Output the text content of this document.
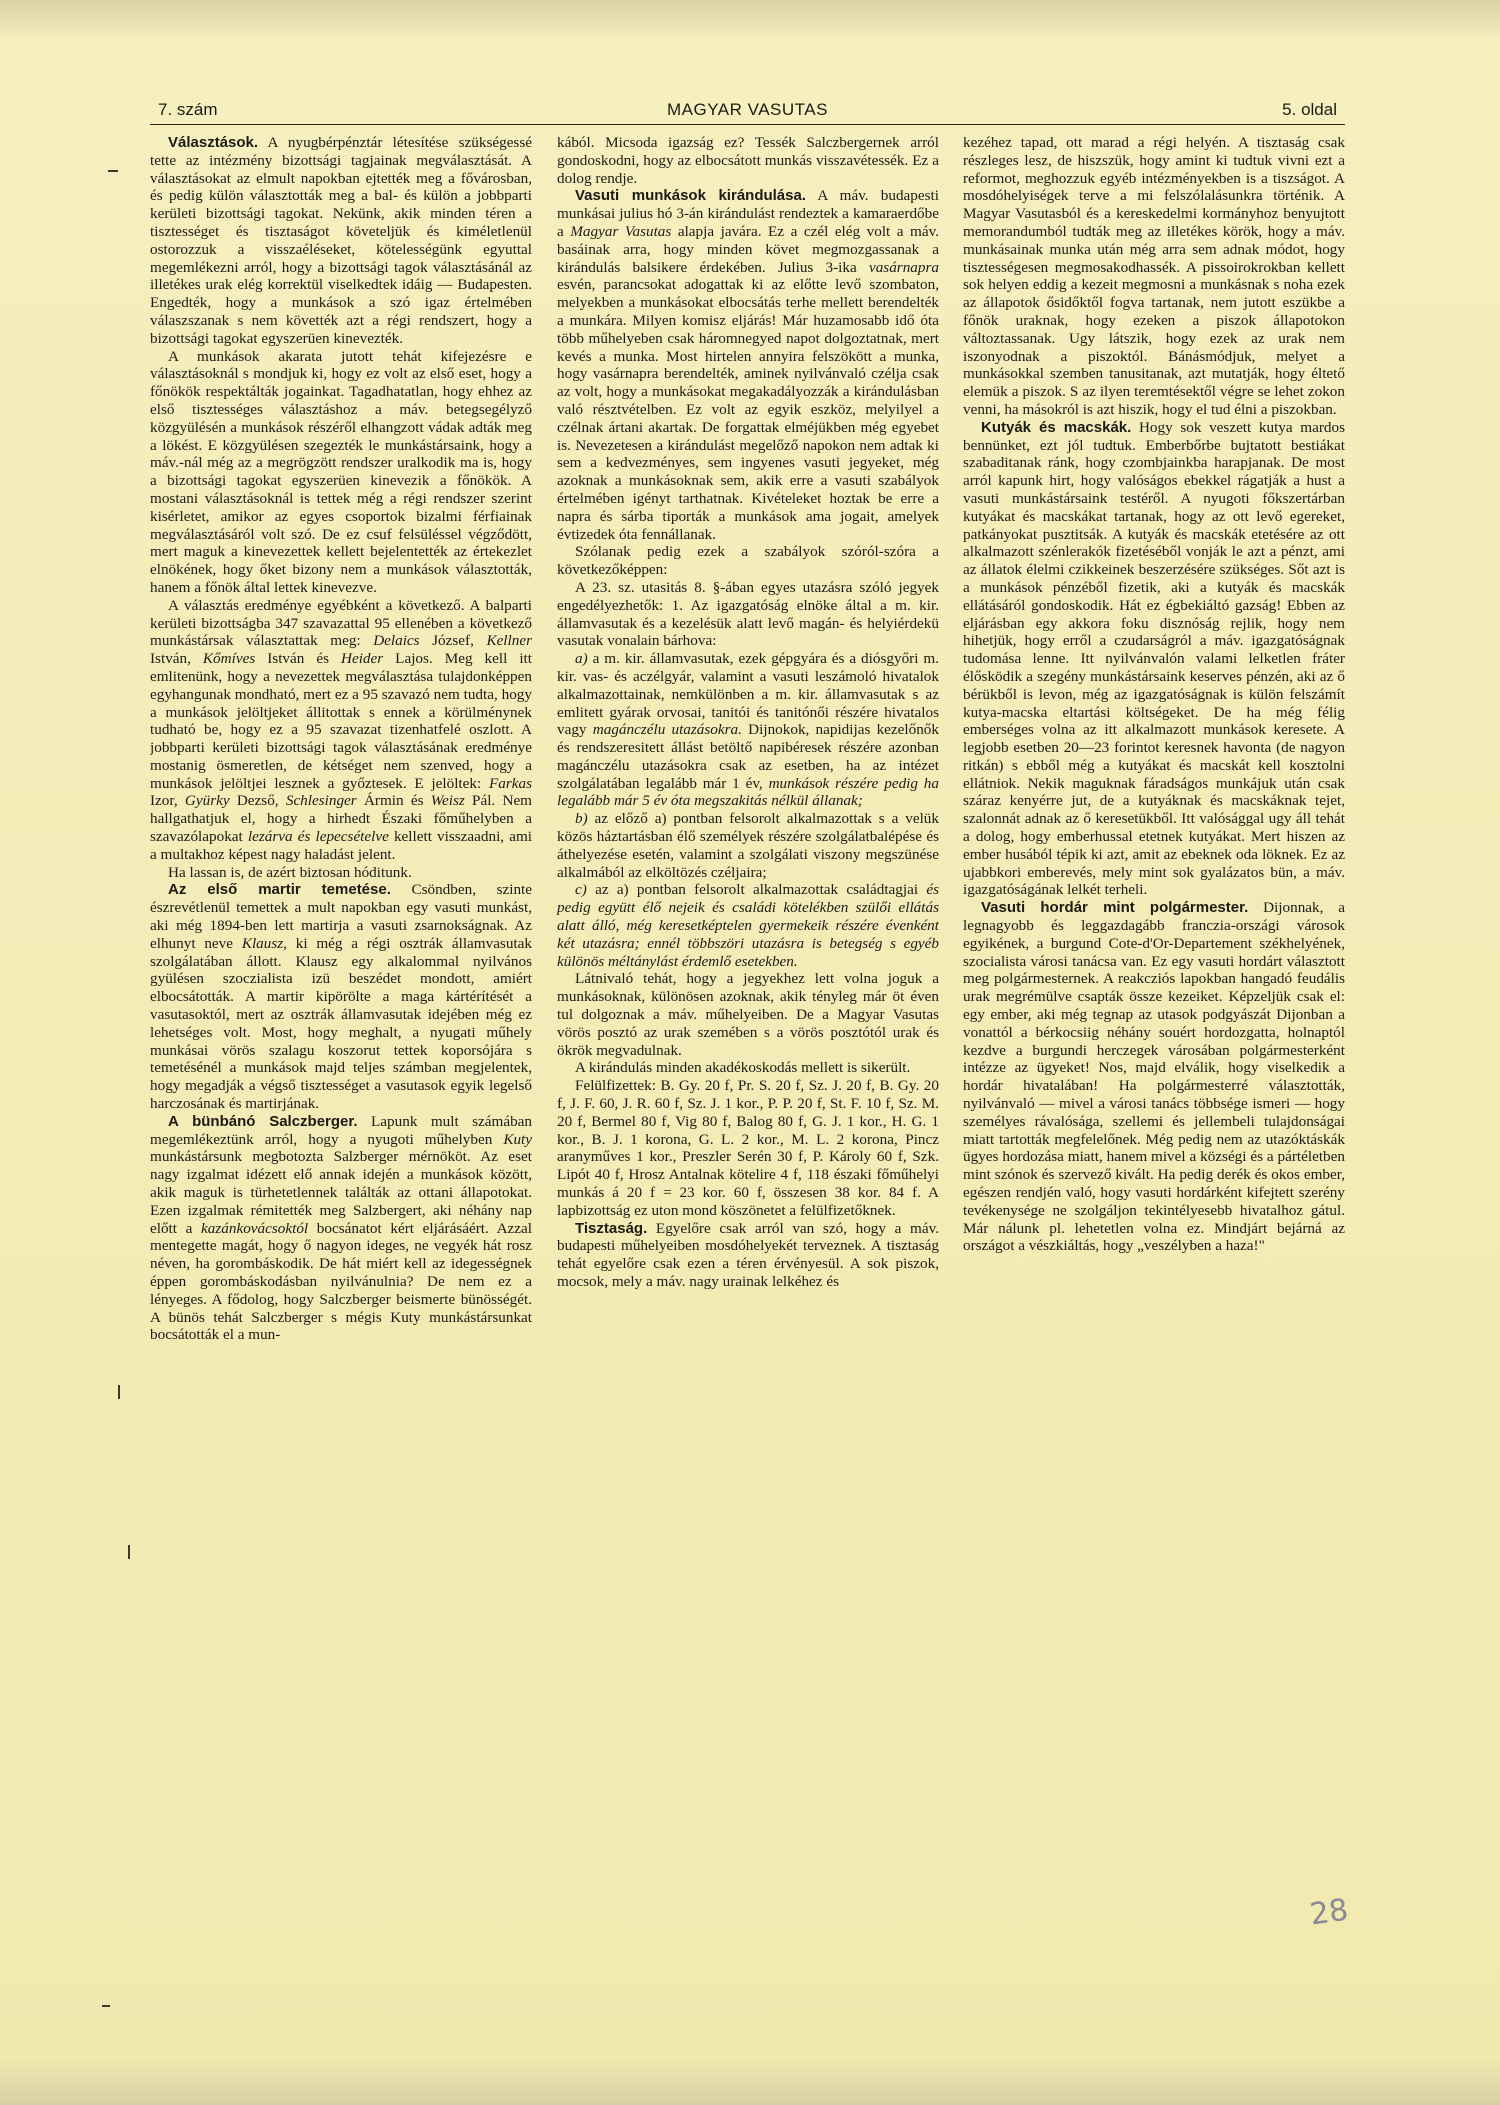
MAGYAR VASUTAS
7. szám	5. oldal

Választások. A nyugbérpénztár létesítése szükségessé tette az intézmény bizottsági tagjainak megválasztását. A választásokat az elmult napokban ejtették meg a fővárosban, és pedig külön választották meg a bal- és külön a jobbparti kerületi bizottsági tagokat. Nekünk, akik minden téren a tisztességet és tisztaságot követeljük és kiméletlenül ostorozzuk a visszaéléseket, kötelességünk egyuttal megemlékezni arról, hogy a bizottsági tagok választásánál az illetékes urak elég korrektül viselkedtek idáig — Budapesten. Engedték, hogy a munkások a szó igaz értelmében válaszszanak s nem követték azt a régi rendszert, hogy a bizottsági tagokat egyszerüen kinevezték.

A munkások akarata jutott tehát kifejezésre e választásoknál s mondjuk ki, hogy ez volt az első eset, hogy a főnökök respektálták jogainkat. Tagadhatatlan, hogy ehhez az első tisztességes választáshoz a máv. betegsegélyző közgyülésén a munkások részéről elhangzott vádak adták meg a lökést. E közgyülésen szegezték le munkástársaink, hogy a máv.-nál még az a megrögzött rendszer uralkodik ma is, hogy a bizottsági tagokat egyszerüen kinevezik a főnökök. A mostani választásoknál is tettek még a régi rendszer szerint kisérletet, amikor az egyes csoportok bizalmi férfiainak megválasztásáról volt szó. De ez csuf felsüléssel végződött, mert maguk a kinevezettek kellett bejelentették az értekezlet elnökének, hogy őket bizony nem a munkások választották, hanem a főnök által lettek kinevezve.

A választás eredménye egyébként a következő. A balparti kerületi bizottságba 347 szavazattal 95 ellenében a következő munkástársak választattak meg: Delaics József, Kellner István, Kőmíves István és Heider Lajos. Meg kell itt emlitenünk, hogy a nevezettek megválasztása tulajdonképpen egyhangunak mondható, mert ez a 95 szavazó nem tudta, hogy a munkások jelöltjeket állitottak s ennek a körülménynek tudható be, hogy ez a 95 szavazat tizenhatfelé oszlott. A jobbparti kerületi bizottsági tagok választásának eredménye mostanig ösmeretlen, de kétséget nem szenved, hogy a munkások jelöltjei lesznek a győztesek. E jelöltek: Farkas Izor, Gyürky Dezső, Schlesinger Ármin és Weisz Pál. Nem hallgathatjuk el, hogy a hirhedt Északi főműhelyben a szavazólapokat lezárva és lepecsételve kellett visszaadni, ami a multakhoz képest nagy haladást jelent.

Ha lassan is, de azért biztosan hóditunk.

Az első martir temetése. Csöndben, szinte észrevétlenül temettek a mult napokban egy vasuti munkást, aki még 1894-ben lett martirja a vasuti zsarnokságnak. Az elhunyt neve Klausz, ki még a régi osztrák államvasutak szolgálatában állott. Klausz egy alkalommal nyilvános gyülésen szoczialista izü beszédet mondott, amiért elbocsátották. A martir kipörölte a maga kártérítését a vasutasoktól, mert az osztrák államvasutak idejében még ez lehetséges volt. Most, hogy meghalt, a nyugati műhely munkásai vörös szalagu koszorut tettek koporsójára s temetésénél a munkások majd teljes számban megjelentek, hogy megadják a végső tisztességet a vasutasok egyik legelső harczosának és martirjának.

A bünbánó Salczberger. Lapunk mult számában megemlékeztünk arról, hogy a nyugoti műhelyben Kuty munkástársunk megbotozta Salzberger mérnököt. Az eset nagy izgalmat idézett elő annak idején a munkások között, akik maguk is türhetetlennek találták az ottani állapotokat. Ezen izgalmak rémitették meg Salzbergert, aki néhány nap előtt a kazánkovácsoktól bocsánatot kért eljárásáért. Azzal mentegette magát, hogy ő nagyon ideges, ne vegyék hát rosz néven, ha gorombáskodik. De hát miért kell az idegességnek éppen gorombáskodásban nyilvánulnia? De nem ez a lényeges. A fődolog, hogy Salczberger beismerte bünösségét. A bünös tehát Salczberger s mégis Kuty munkástársunkat bocsátották el a mun-

kából. Micsoda igazság ez? Tessék Salczbergernek arról gondoskodni, hogy az elbocsátott munkás visszavétessék. Ez a dolog rendje.

Vasuti munkások kirándulása. A máv. budapesti munkásai julius hó 3-án kirándulást rendeztek a kamaraerdőbe a Magyar Vasutas alapja javára. Ez a czél elég volt a máv. basáinak arra, hogy minden követ megmozgassanak a kirándulás balsikere érdekében. Julius 3-ika vasárnapra esvén, parancsokat adogattak ki az előtte levő szombaton, melyekben a munkásokat elbocsátás terhe mellett berendelték a munkára. Milyen komisz eljárás! Már huzamosabb idő óta több műhelyeben csak háromnegyed napot dolgoztatnak, mert kevés a munka. Most hirtelen annyira felszökött a munka, hogy vasárnapra berendelték, aminek nyilvánvaló czélja csak az volt, hogy a munkásokat megakadályozzák a kirándulásban való résztvételben. Ez volt az egyik eszköz, melyilyel a czélnak ártani akartak. De forgattak elméjükben még egyebet is. Nevezetesen a kirándulást megelőző napokon nem adtak ki sem a kedvezményes, sem ingyenes vasuti jegyeket, még azoknak a munkásoknak sem, akik erre a vasuti szabályok értelmében igényt tarthatnak. Kivételeket hoztak be erre a napra és sárba tiporták a munkások ama jogait, amelyek évtizedek óta fennállanak.

Szólanak pedig ezek a szabályok szóról-szóra a következőképpen:

A 23. sz. utasitás 8. §-ában egyes utazásra szóló jegyek engedélyezhetők: 1. Az igazgatóság elnöke által a m. kir. államvasutak és a kezelésük alatt levő magán- és helyiérdekü vasutak vonalain bárhova:

a) a m. kir. államvasutak, ezek gépgyára és a diósgyőri m. kir. vas- és aczélgyár, valamint a vasuti leszámoló hivatalok alkalmazottainak, nemkülönben a m. kir. államvasutak s az emlitett gyárak orvosai, tanitói és tanitónői részére hivatalos vagy magánczélu utazásokra. Dijnokok, napidijas kezelőnők és rendszeresitett állást betöltő napibéresek részére azonban magánczélu utazásokra csak az esetben, ha az intézet szolgálatában legalább már 1 év, munkások részére pedig ha legalább már 5 év óta megszakitás nélkül állanak;

b) az előző a) pontban felsorolt alkalmazottak s a velük közös háztartásban élő személyek részére szolgálatbalépése és áthelyezése esetén, valamint a szolgálati viszony megszünése alkalmából az elköltözés czéljaira;

c) az a) pontban felsorolt alkalmazottak családtagjai és pedig együtt élő nejeik és családi kötelékben szülői ellátás alatt álló, még keresetképtelen gyermekeik részére évenként két utazásra; ennél többszöri utazásra is betegség s egyéb különös méltánylást érdemlő esetekben.

Látnivaló tehát, hogy a jegyekhez lett volna joguk a munkásoknak, különösen azoknak, akik tényleg már öt éven tul dolgoznak a máv. műhelyeiben. De a Magyar Vasutas vörös posztó az urak szemében s a vörös posztótól urak és ökrök megvadulnak.

A kirándulás minden akadékoskodás mellett is sikerült.

Felülfizettek: B. Gy. 20 f, Pr. S. 20 f, Sz. J. 20 f, B. Gy. 20 f, J. F. 60, J. R. 60 f, Sz. J. 1 kor., P. P. 20 f, St. F. 10 f, Sz. M. 20 f, Bermel 80 f, Vig 80 f, Balog 80 f, G. J. 1 kor., H. G. 1 kor., B. J. 1 korona, G. L. 2 kor., M. L. 2 korona, Pincz aranyműves 1 kor., Preszler Serén 30 f, P. Károly 60 f, Szk. Lipót 40 f, Hrosz Antalnak kötelire 4 f, 118 északi főműhelyi munkás á 20 f = 23 kor. 60 f, összesen 38 kor. 84 f. A lapbizottság ez uton mond köszönetet a felülfizetőknek.

Tisztaság. Egyelőre csak arról van szó, hogy a máv. budapesti műhelyeiben mosdóhelyekét terveznek. A tisztaság tehát egyelőre csak ezen a téren érvényesül. A sok piszok, mocsok, mely a máv. nagy urainak lelkéhez és

kezéhez tapad, ott marad a régi helyén. A tisztaság csak részleges lesz, de hiszszük, hogy amint ki tudtuk vivni ezt a reformot, meghozzuk egyéb intézményekben is a tiszságot. A mosdóhelyiségek terve a mi felszólalásunkra történik. A Magyar Vasutasból és a kereskedelmi kormányhoz benyujtott memorandumból tudták meg az illetékes körök, hogy a máv. munkásainak munka után még arra sem adnak módot, hogy tisztességesen megmosakodhassék. A pissoirokrokban kellett sok helyen eddig a kezeit megmosni a munkásnak s noha ezek az állapotok ősidőktől fogva tartanak, nem jutott eszükbe a főnök uraknak, hogy ezeken a piszok állapotokon változtassanak. Ugy látszik, hogy ezek az urak nem iszonyodnak a piszoktól. Bánásmódjuk, melyet a munkásokkal szemben tanusitanak, azt mutatják, hogy éltető elemük a piszok. S az ilyen teremtésektől végre se lehet zokon venni, ha másokról is azt hiszik, hogy el tud élni a piszokban.

Kutyák és macskák. Hogy sok veszett kutya mardos bennünket, ezt jól tudtuk. Emberbőrbe bujtatott bestiákat szabaditanak ránk, hogy czombjainkba harapjanak. De most arról kapunk hirt, hogy valóságos ebekkel rágatják a hust a vasuti munkástársaink testéről. A nyugoti főkszertárban kutyákat és macskákat tartanak, hogy az ott levő egereket, patkányokat pusztitsák. A kutyák és macskák etetésére az ott alkalmazott szénlerakók fizetéséből vonják le azt a pénzt, ami az állatok élelmi czikkeinek beszerzésére szükséges. Sőt azt is a munkások pénzéből fizetik, aki a kutyák és macskák ellátásáról gondoskodik. Hát ez égbekiáltó gazság! Ebben az eljárásban egy akkora foku disznóság rejlik, hogy nem hihetjük, hogy erről a czudarságról a máv. igazgatóságnak tudomása lenne. Itt nyilvánvalón valami lelketlen fráter élősködik a szegény munkástársaink keserves pénzén, aki az ő bérükből is levon, még az igazgatóságnak is külön felszámít kutya-macska eltartási költségeket. De ha még félig emberséges volna az itt alkalmazott munkások keresete. A legjobb esetben 20—23 forintot keresnek havonta (de nagyon ritkán) s ebből még a kutyákat és macskát kell kosztolni ellátniok. Nekik maguknak fáradságos munkájuk után csak száraz kenyérre jut, de a kutyáknak és macskáknak tejet, szalonnát adnak az ő keresetükből. Itt valósággal ugy áll tehát a dolog, hogy emberhussal etetnek kutyákat. Mert hiszen az ember husából tépik ki azt, amit az ebeknek oda löknek. Ez az ujabbkori emberevés, mely mint sok gyalázatos bün, a máv. igazgatóságának lelkét terheli.

Vasuti hordár mint polgármester. Dijonnak, a legnagyobb és leggazdagább franczia-országi városok egyikének, a burgund Cote-d'Or-Departement székhelyének, szocialista városi tanácsa van. Ez egy vasuti hordárt választott meg polgármesternek. A reakcziós lapokban hangadó feudális urak megrémülve csapták össze kezeiket. Képzeljük csak el: egy ember, aki még tegnap az utasok podgyászát Dijonban a vonattól a bérkocsiig néhány souért hordozgatta, holnaptól kezdve a burgundi herczegek városában polgármesterként intézze az ügyeket! Nos, majd elválik, hogy viselkedik a hordár hivatalában! Ha polgármesterré választották, nyilvánvaló — mivel a városi tanács többsége ismeri — hogy személyes rávalósága, szellemi és jellembeli tulajdonságai miatt tartották megfelelőnek. Még pedig nem az utazóktáskák ügyes hordozása miatt, hanem mivel a községi és a pártéletben mint szónok és szervező kivált. Ha pedig derék és okos ember, egészen rendjén való, hogy vasuti hordárként kifejtett szerény tevékenysége ne szolgáljon tekintélyesebb hivatalhoz gátul. Már nálunk pl. lehetetlen volna ez. Mindjárt bejárná az országot a vészkiáltás, hogy „veszélyben a haza!"

28
